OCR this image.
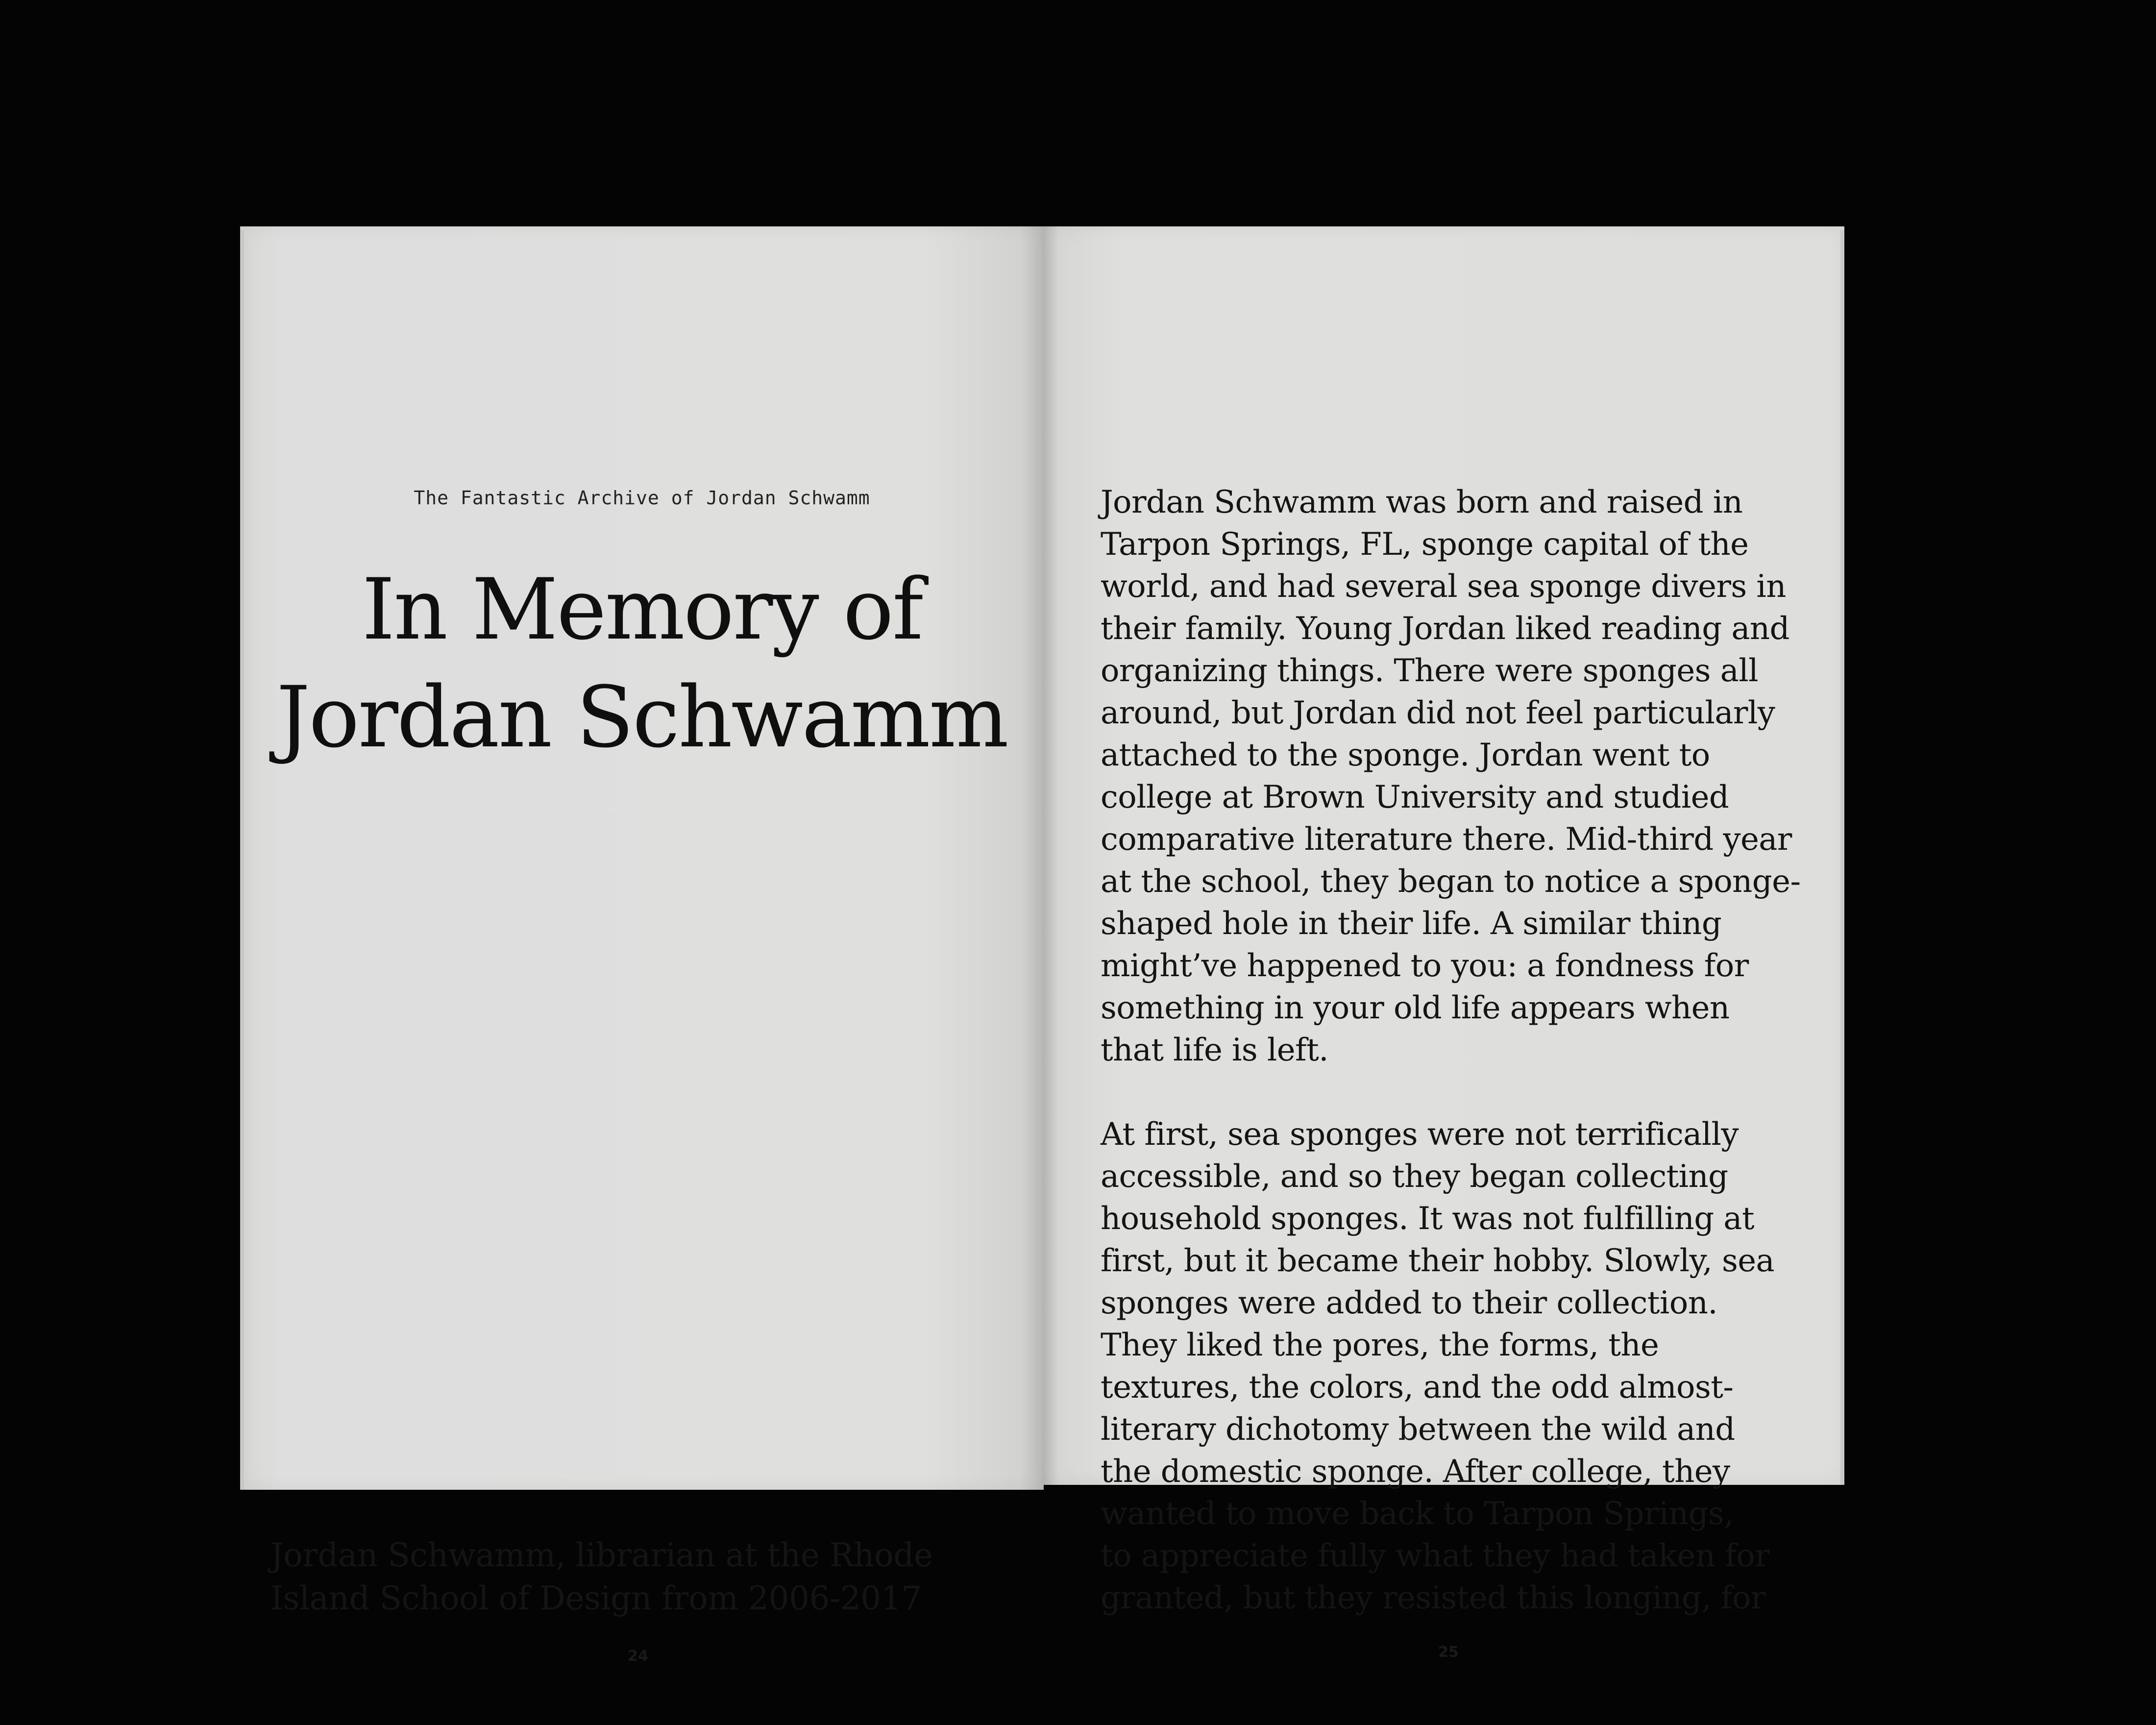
The Fantastic Archive of Jordan Schwamm
In Memory of
Jordan Schwamm

Jordan Schwamm, librarian at the Rhode
Island School of Design from 2006-2017

24

Jordan Schwamm was born and raised in
Tarpon Springs, FL, sponge capital of the
world, and had several sea sponge divers in
their family. Young Jordan liked reading and
organizing things. There were sponges all
around, but Jordan did not feel particularly
attached to the sponge. Jordan went to
college at Brown University and studied
comparative literature there. Mid-third year
at the school, they began to notice a sponge-
shaped hole in their life. A similar thing
might’ve happened to you: a fondness for
something in your old life appears when
that life is left.

At first, sea sponges were not terrifically
accessible, and so they began collecting
household sponges. It was not fulfilling at
first, but it became their hobby. Slowly, sea
sponges were added to their collection.
They liked the pores, the forms, the
textures, the colors, and the odd almost-
literary dichotomy between the wild and
the domestic sponge. After college, they
wanted to move back to Tarpon Springs,
to appreciate fully what they had taken for
granted, but they resisted this longing, for

25
